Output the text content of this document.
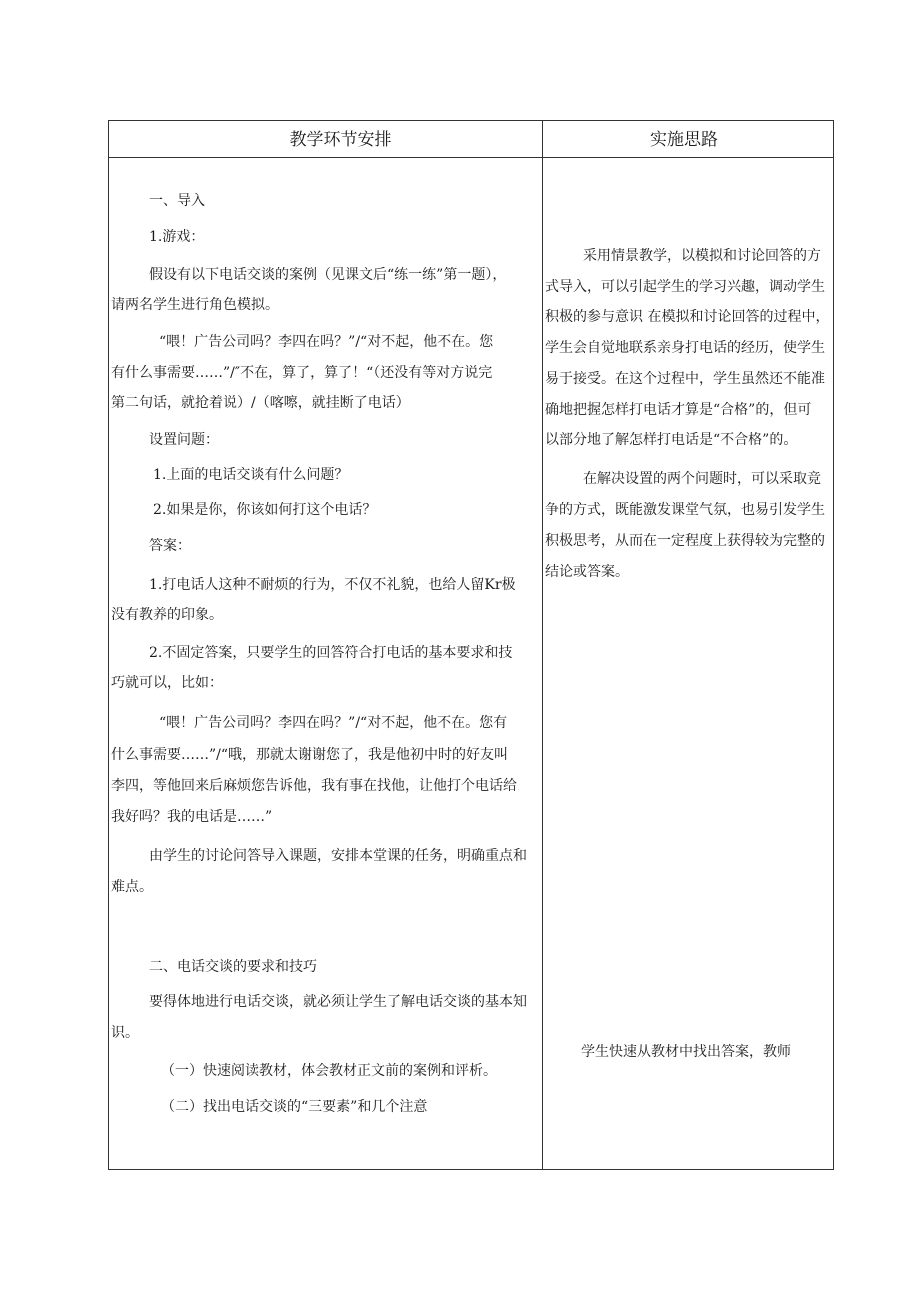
教学环节安排	实施思路

一、导入

1.游戏：

假设有以下电话交谈的案例（见课文后“练一练”第一题），

请两名学生进行角色模拟。

“喂！广告公司吗？李四在吗？”/“对不起，他不在。您

有什么事需要……”/″不在，算了，算了！“（还没有等对方说完

第二句话，就抢着说）/（喀嚓，就挂断了电话）

设置问题：

1.上面的电话交谈有什么问题？

2.如果是你，你该如何打这个电话？

答案：

1.打电话人这种不耐烦的行为，不仅不礼貌，也给人留Kr极

没有教养的印象。

2.不固定答案，只要学生的回答符合打电话的基本要求和技

巧就可以，比如：

“喂！广告公司吗？李四在吗？”/“对不起，他不在。您有

什么事需要……”/“哦，那就太谢谢您了，我是他初中时的好友叫

李四，等他回来后麻烦您告诉他，我有事在找他，让他打个电话给

我好吗？我的电话是……”

由学生的讨论问答导入课题，安排本堂课的任务，明确重点和

难点。

二、电话交谈的要求和技巧

要得体地进行电话交谈，就必须让学生了解电话交谈的基本知

识。

（一）快速阅读教材，体会教材正文前的案例和评析。

（二）找出电话交谈的“三要素”和几个注意

采用情景教学，以模拟和讨论回答的方

式导入，可以引起学生的学习兴趣，调动学生

积极的参与意识 在模拟和讨论回答的过程中，

学生会自觉地联系亲身打电话的经历，使学生

易于接受。在这个过程中，学生虽然还不能准

确地把握怎样打电话才算是“合格”的，但可

以部分地了解怎样打电话是“不合格”的。

在解决设置的两个问题时，可以采取竞

争的方式，既能激发课堂气氛，也易引发学生

积极思考，从而在一定程度上获得较为完整的

结论或答案。

学生快速从教材中找出答案，教师
